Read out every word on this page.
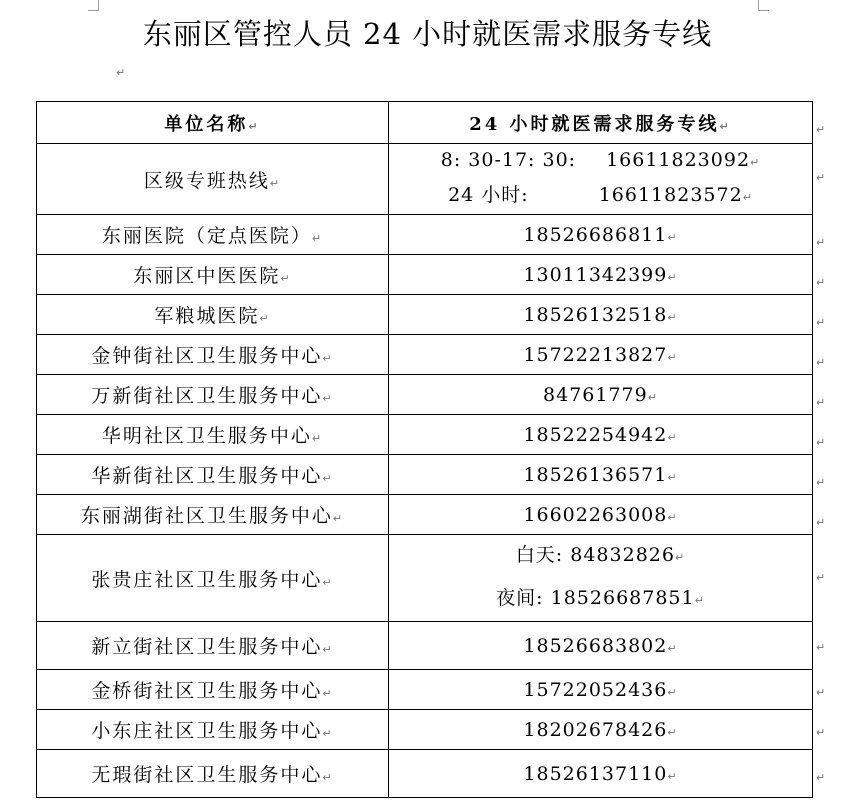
东丽区管控人员 24 小时就医需求服务专线
↵
单位名称↵	24 小时就医需求服务专线↵
区级专班热线↵	8: 30-17: 30: 16611823092↵
24 小时: 16611823572↵

东丽医院（定点医院）↵	18526686811↵
东丽区中医医院↵	13011342399↵
军粮城医院↵	18526132518↵
金钟街社区卫生服务中心↵	15722213827↵
万新街社区卫生服务中心↵	84761779↵
华明社区卫生服务中心↵	18522254942↵
华新街社区卫生服务中心↵	18526136571↵
东丽湖街社区卫生服务中心↵	16602263008↵
张贵庄社区卫生服务中心↵	白天: 84832826↵
夜间: 18526687851↵

新立街社区卫生服务中心↵	18526683802↵
金桥街社区卫生服务中心↵	15722052436↵
小东庄社区卫生服务中心↵	18202678426↵
无瑕街社区卫生服务中心↵	18526137110↵
↵
↵
↵
↵
↵
↵
↵
↵
↵
↵
↵
↵
↵
↵
↵
